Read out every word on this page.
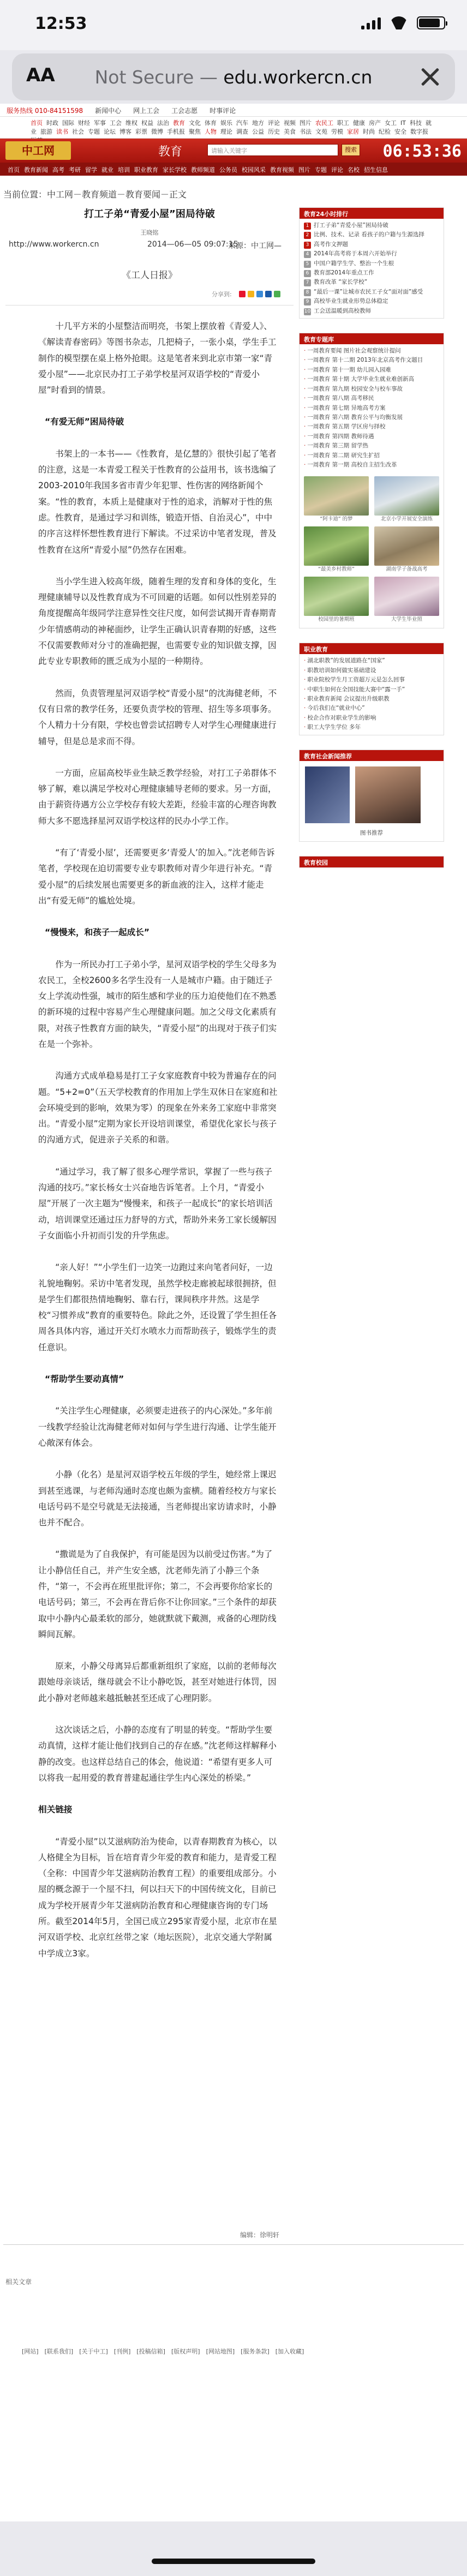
12:53
AA	Not Secure — edu.workercn.cn
服务热线 010-84151598 新闻中心 网上工会 工会志愿 时事评论
首页 时政 国际 财经 军事 工会 维权 权益 法治 教育 文化 体育 娱乐 汽车 地方 评论 视频 图片 农民工 职工 健康 房产 女工 IT 科技 就业 旅游 读书 社会 专题 论坛 博客 彩票 微博 手机报 聚焦 人物 理论 调查 公益 历史 美食 书法 文苑 劳模 家居 时尚 纪检 安全 数字报
中工网	教育	请输入关键字	搜索 06:53:36
首页 教育新闻 高考 考研 留学 就业 培训 职业教育 家长学校 教师频道 公务员 校园风采 教育视频 图片 专题 评论 名校 招生信息
当前位置：中工网－教育频道－教育要闻－正文
打工子弟“青爱小屋”困局待破
王晓铭
http://www.workercn.cn	2014—06—05 09:07:15
来源：中工网—
《工人日报》
分享到:

十几平方米的小屋整洁而明亮，书架上摆放着《青爱人》、《解读青春密码》等图书杂志，几把椅子，一张小桌，学生手工制作的模型摆在桌上格外抢眼。这是笔者来到北京市第一家“青爱小屋”——北京民办打工子弟学校星河双语学校的“青爱小屋”时看到的情景。

“有爱无师”困局待破

书架上的一本书——《性教育，是亿慧的》很快引起了笔者的注意，这是一本青爱工程关于性教育的公益用书，该书选编了2003-2010年我国多省市青少年犯罪、性伤害的网络新闻个案。“性的教育，本质上是健康对于性的追求，消解对于性的焦虑。性教育，是通过学习和训练，锻造开悟、自治灵心”，中中的序言这样怀想性教育进行下解读。不过采访中笔者发现，普及性教育在这所“青爱小屋”仍然存在困难。

当小学生进入较高年级，随着生理的发育和身体的变化，生理健康辅导以及性教育成为不可回避的话题。如何以性别差异的角度提醒高年级同学注意异性交往尺度，如何尝试揭开青春期青少年情感萌动的神秘面纱，让学生正确认识青春期的好感，这些不仅需要教师对分寸的准确把握，也需要专业的知识做支撑，因此专业专职教师的匮乏成为小屋的一种期待。

然而，负责管理星河双语学校“青爱小屋”的沈海健老师，不仅有日常的教学任务，还要负责学校的管理、招生等多项事务。个人精力十分有限，学校也曾尝试招聘专人对学生心理健康进行辅导，但是总是求而不得。

一方面，应届高校毕业生缺乏教学经验，对打工子弟群体不够了解，难以满足学校对心理健康辅导老师的要求。另一方面，由于薪资待遇方公立学校存有较大差距，经验丰富的心理咨询教师大多不愿选择星河双语学校这样的民办小学工作。

“有了‘青爱小屋’，还需要更多‘青爱人’的加入。”沈老师告诉笔者，学校现在迫切需要专业专职教师对青少年进行补充。“青爱小屋”的后续发展也需要更多的新血液的注入，这样才能走出“有爱无师”的尴尬处境。

“慢慢来，和孩子一起成长”

作为一所民办打工子弟小学，星河双语学校的学生父母多为农民工，全校2600多名学生没有一人是城市户籍。由于随迁子女上学流动性强，城市的陌生感和学业的压力迫使他们在不熟悉的新环境的过程中容易产生心理健康问题。加之父母文化素质有限，对孩子性教育方面的缺失，“青爱小屋”的出现对于孩子们实在是一个弥补。

沟通方式成单稳易是打工子女家庭教育中较为普遍存在的问题。“5+2=0”（五天学校教育的作用加上学生双休日在家庭和社会环境受到的影响，效果为零）的现象在外来务工家庭中非常突出。“青爱小屋”定期为家长开设培训课堂，希望优化家长与孩子的沟通方式，促进亲子关系的和谐。

“通过学习，我了解了很多心理学常识，掌握了一些与孩子沟通的技巧。”家长杨女士兴奋地告诉笔者。上个月，“青爱小屋”开展了一次主题为“慢慢来，和孩子一起成长”的家长培训活动，培训课堂还通过压力舒导的方式，帮助外来务工家长缓解因子女面临小升初而引发的升学焦虑。

“亲人好！”“小学生们一边笑一边跑过来向笔者问好，一边礼貌地鞠躬。采访中笔者发现，虽然学校走廊被起球很拥挤，但是学生们都很热情地鞠躬、靠右行，课间秩序井然。这是学校“习惯养成”教育的重要特色。除此之外，还设置了学生担任各周各具体内容，通过开关灯水喷水力而帮助孩子，锻炼学生的责任意识。

“帮助学生要动真情”

“关注学生心理健康，必须要走进孩子的内心深处。”多年前一线教学经验让沈海健老师对如何与学生进行沟通、让学生能开心敞深有体会。

小静（化名）是星河双语学校五年级的学生，她经常上课迟到甚至逃课，与老师沟通时态度也颇为蛮横。随着经校方与家长电话号码不是空号就是无法接通，当老师提出家访请求时，小静也并不配合。

“撒谎是为了自我保护，有可能是因为以前受过伤害。”为了让小静信任自己，并产生安全感，沈老师先消了小静三个条件，“第一，不会再在班里批评你；第二，不会再要你给家长的电话号码；第三，不会再在背后你不让你回家。”三个条件的却获取中小静内心最柔软的部分，她就默就下戴测，戒备的心理防线瞬间瓦解。

原来，小静父母离异后都重新组织了家庭，以前的老师每次跟她母亲谈话，继母就会不让小静吃饭，甚至对她进行体罚，因此小静对老师越来越抵触甚至还成了心理阴影。

这次谈话之后，小静的态度有了明显的转变。“帮助学生要动真情，这样才能让他们找到自己的存在感。”沈老师这样解释小静的改变。也这样总结自己的体会，他说道：“希望有更多人可以将我一起用爱的教育普建起通往学生内心深处的桥梁。”

相关链接

“青爱小屋”以艾滋病防治为使命，以青春期教育为核心，以人格健全为目标，旨在培育青少年爱的教育和能力，是青爱工程（全称：中国青少年艾滋病防治教育工程）的重要组成部分。小屋的概念源于一个屋不扫，何以扫天下的中国传统文化，目前已成为学校开展青少年艾滋病防治教育和心理健康咨询的专门场所。截至2014年5月，全国已成立295家青爱小屋，北京市在星河双语学校、北京红丝带之家（地坛医院），北京交通大学附属中学成立3家。

编辑：徐明轩
相关文章
[网站] [联系我们] [关于中工] [刊例] [投稿信箱] [版权声明] [网站地图] [服务条款] [加入收藏]
教育24小时排行
1 打工子弟“青爱小屋”困局待破
2 比例、技术、记录 看孩子的户籍与生源选择
3 高考作文押题
4 2014年高考将于本周六开始举行
5 中国户籍学生学、整治一个生根
6 教育部2014年重点工作
7 教育改革 “家长学校”
8 “最后一课”让城市农民工子女“面对面”感受
9 高校毕业生就业形势总体稳定
10 工会送温暖到高校教师
教育专题库
· 一周教育要闻 图片社会观察统计提问
· 一周教育 第十二期 2013年北京高考作文题目
· 一周教育 第十一期 幼儿园入园难
· 一周教育 第十期 大学毕业生就业难创新高
· 一周教育 第九期 校园安全与校车事故
· 一周教育 第八期 高考移民
· 一周教育 第七期 异地高考方案
· 一周教育 第六期 教育公平与均衡发展
· 一周教育 第五期 学区房与择校
· 一周教育 第四期 教师待遇
· 一周教育 第三期 留学热
· 一周教育 第二期 研究生扩招
· 一周教育 第一期 高校自主招生改革
“阿卡迪” 的梦	北京小学开展安全演练
“最美乡村教师”	湖南学子备战高考
校园里的暑期班	大学生毕业照
职业教育
· 湖北职教”的发展道路在“国家”
· 职教培训如何做实基础建设
· 职业院校学生月工资超万元是怎么回事
· 中职生如何在全国技能大赛中“露一手”
· 职业教育新闻 会议提出升级职教
· 今后我们在“就业中心”
· 校企合作对职业学生的影响
· 职工大学生学位 多年
教育社会新闻推荐
图书推荐
教育校园
